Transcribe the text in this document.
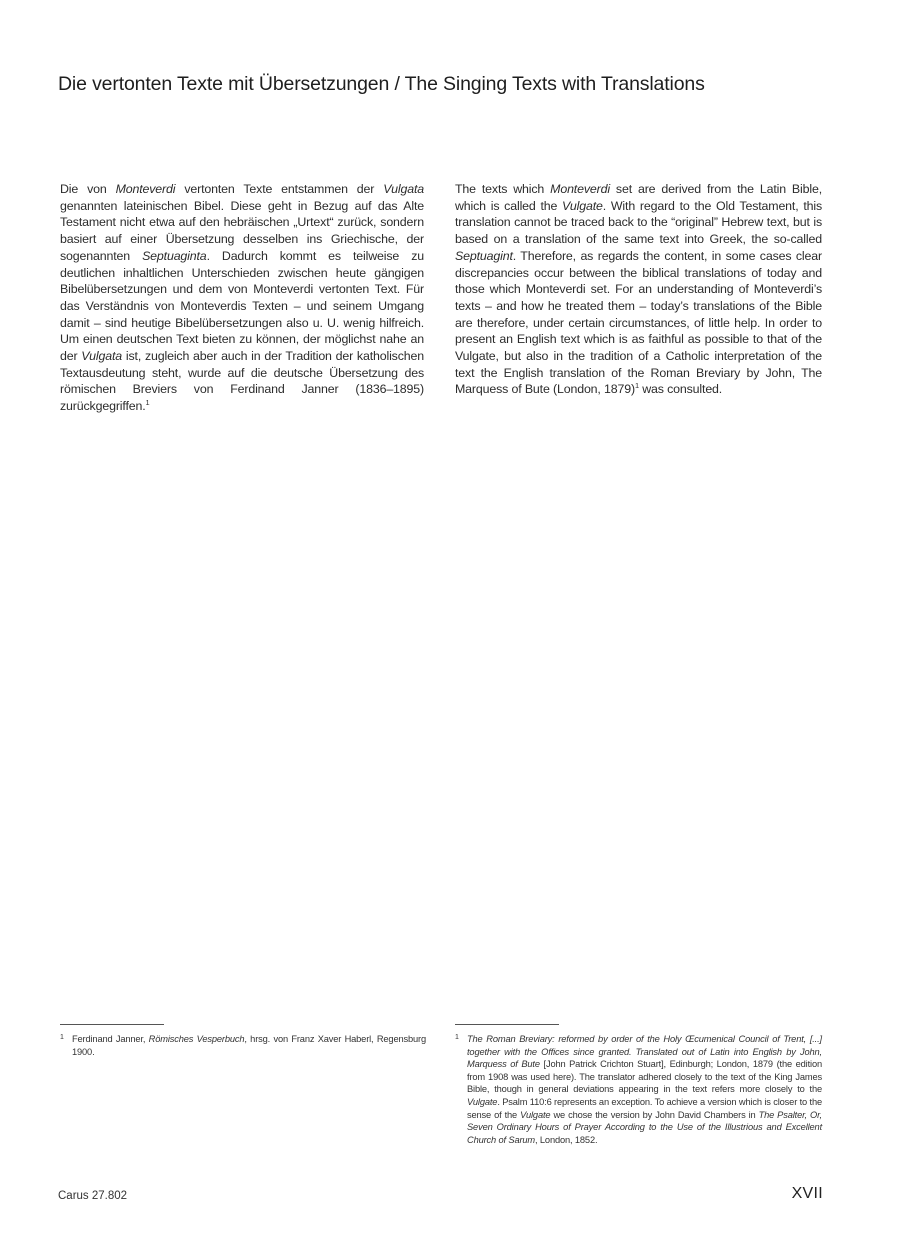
Die vertonten Texte mit Übersetzungen / The Singing Texts with Translations

Die von Monteverdi vertonten Texte entstammen der Vulgata genannten lateinischen Bibel. Diese geht in Bezug auf das Alte Testament nicht etwa auf den hebräischen „Urtext“ zurück, sondern basiert auf einer Übersetzung desselben ins Griechische, der sogenannten Septuaginta. Dadurch kommt es teilweise zu deutlichen inhaltlichen Unterschieden zwischen heute gängigen Bibelübersetzungen und dem von Monteverdi vertonten Text. Für das Verständnis von Monteverdis Texten – und seinem Umgang damit – sind heutige Bibelübersetzungen also u. U. wenig hilfreich. Um einen deutschen Text bieten zu können, der möglichst nahe an der Vulgata ist, zugleich aber auch in der Tradition der katholischen Textausdeutung steht, wurde auf die deutsche Übersetzung des römischen Breviers von Ferdinand Janner (1836–1895) zurückgegriffen.$^1$

The texts which Monteverdi set are derived from the Latin Bible, which is called the Vulgate. With regard to the Old Testament, this translation cannot be traced back to the “original” Hebrew text, but is based on a translation of the same text into Greek, the so-called Septuagint. Therefore, as regards the content, in some cases clear discrepancies occur between the biblical translations of today and those which Monteverdi set. For an understanding of Monteverdi’s texts – and how he treated them – today’s translations of the Bible are therefore, under certain circumstances, of little help. In order to present an English text which is as faithful as possible to that of the Vulgate, but also in the tradition of a Catholic interpretation of the text the English translation of the Roman Breviary by John, The Marquess of Bute (London, 1879)$^1$ was consulted.

1 Ferdinand Janner, Römisches Vesperbuch, hrsg. von Franz Xaver Haberl, Regensburg 1900.
1 The Roman Breviary: reformed by order of the Holy Œcumenical Council of Trent, [...] together with the Offices since granted. Translated out of Latin into English by John, Marquess of Bute [John Patrick Crichton Stuart], Edinburgh; London, 1879 (the edition from 1908 was used here). The translator adhered closely to the text of the King James Bible, though in general deviations appearing in the text refers more closely to the Vulgate. Psalm 110:6 represents an exception. To achieve a version which is closer to the sense of the Vulgate we chose the version by John David Chambers in The Psalter, Or, Seven Ordinary Hours of Prayer According to the Use of the Illustrious and Excellent Church of Sarum, London, 1852.
Carus 27.802	XVII
